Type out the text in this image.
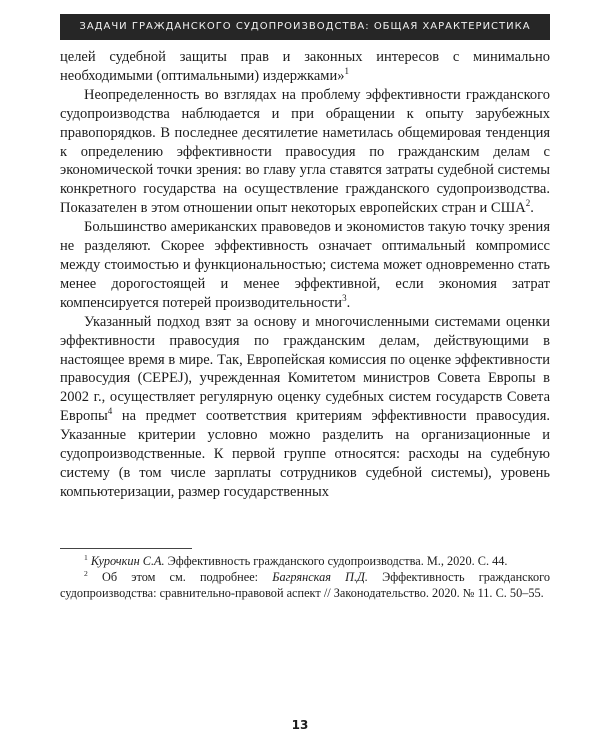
ЗАДАЧИ ГРАЖДАНСКОГО СУДОПРОИЗВОДСТВА: ОБЩАЯ ХАРАКТЕРИСТИКА

целей судебной защиты прав и законных интересов с минимально необходимыми (оптимальными) издержками»$^1$

Неопределенность во взглядах на проблему эффективности гражданского судопроизводства наблюдается и при обращении к опыту зарубежных правопорядков. В последнее десятилетие наметилась общемировая тенденция к определению эффективности правосудия по гражданским делам с экономической точки зрения: во главу угла ставятся затраты судебной системы конкретного государства на осуществление гражданского судопроизводства. Показателен в этом отношении опыт некоторых европейских стран и США$^2$.

Большинство американских правоведов и экономистов такую точку зрения не разделяют. Скорее эффективность означает оптимальный компромисс между стоимостью и функциональностью; система может одновременно стать менее дорогостоящей и менее эффективной, если экономия затрат компенсируется потерей производительности$^3$.

Указанный подход взят за основу и многочисленными системами оценки эффективности правосудия по гражданским делам, действующими в настоящее время в мире. Так, Европейская комиссия по оценке эффективности правосудия (CEPEJ), учрежденная Комитетом министров Совета Европы в 2002 г., осуществляет регулярную оценку судебных систем государств Совета Европы$^4$ на предмет соответствия критериям эффективности правосудия. Указанные критерии условно можно разделить на организационные и судопроизводственные. К первой группе относятся: расходы на судебную систему (в том числе зарплаты сотрудников судебной системы), уровень компьютеризации, размер государственных

$^1$ Курочкин С.А. Эффективность гражданского судопроизводства. М., 2020. С. 44.

$^2$ Об этом см. подробнее: Багрянская П.Д. Эффективность гражданского судопроизводства: сравнительно-правовой аспект // Законодательство. 2020. № 11. С. 50–55.

13
